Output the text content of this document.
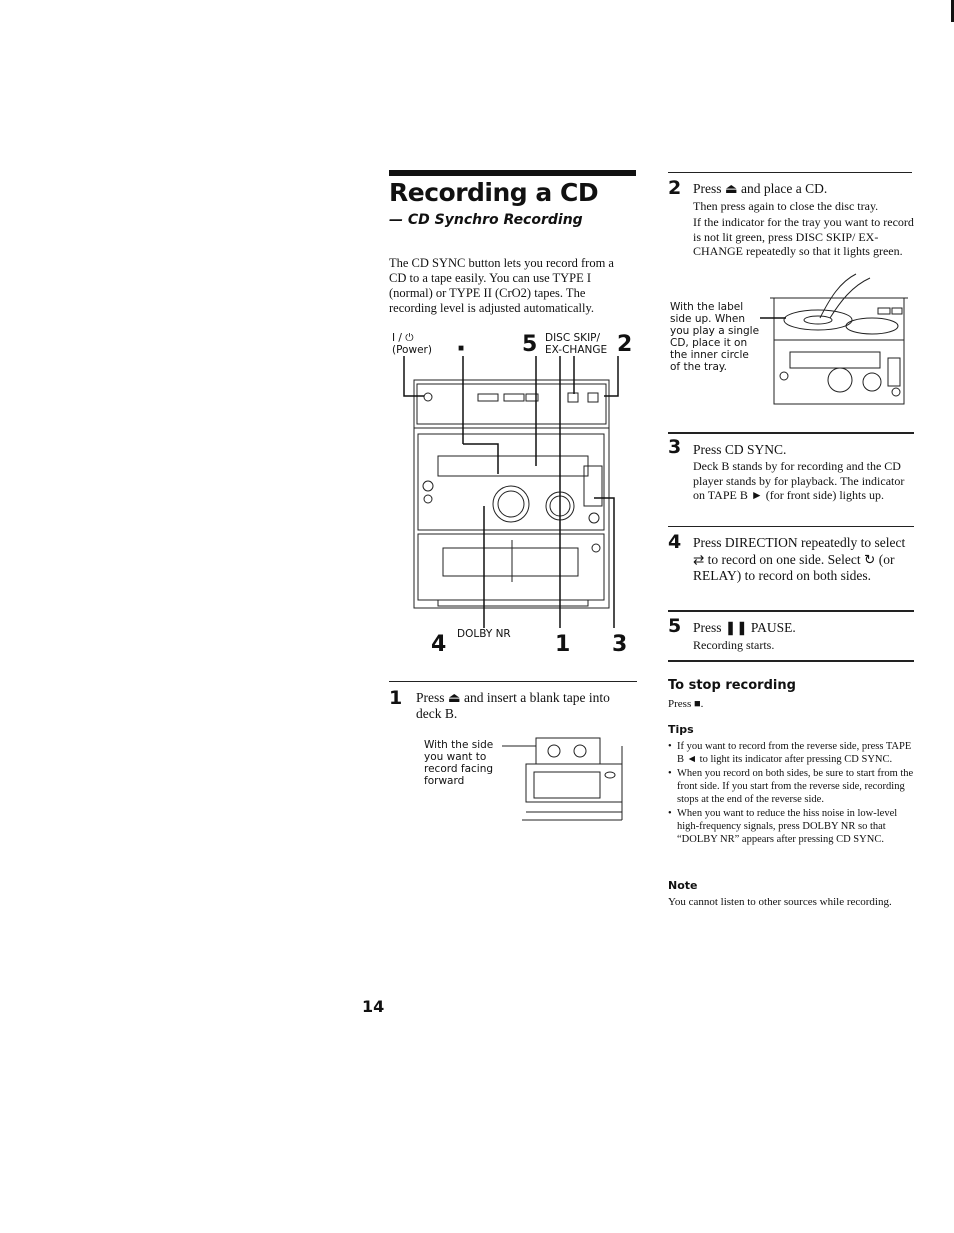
Recording a CD
— CD Synchro Recording
The CD SYNC button lets you record from a CD to a tape easily. You can use TYPE I (normal) or TYPE II (CrO2) tapes. The recording level is adjusted automatically.
I / ⏻
(Power)	■	5 DISC SKIP/
EX-CHANGE 2
4 DOLBY NR 1 3
1 Press ⏏ and insert a blank tape into deck B.
With the side you want to record facing forward
2 Press ⏏ and place a CD.
Then press again to close the disc tray.
If the indicator for the tray you want to record is not lit green, press DISC SKIP/ EX-CHANGE repeatedly so that it lights green.
With the label side up. When you play a single CD, place it on the inner circle of the tray.
3 Press CD SYNC.
Deck B stands by for recording and the CD player stands by for playback. The indicator on TAPE B ► (for front side) lights up.
4 Press DIRECTION repeatedly to select ⇄ to record on one side. Select ↻ (or RELAY) to record on both sides.
5 Press ❚❚ PAUSE.
Recording starts.
To stop recording
Press ■.
Tips
• If you want to record from the reverse side, press TAPE B ◄ to light its indicator after pressing CD SYNC.
• When you record on both sides, be sure to start from the front side. If you start from the reverse side, recording stops at the end of the reverse side.
• When you want to reduce the hiss noise in low-level high-frequency signals, press DOLBY NR so that “DOLBY NR” appears after pressing CD SYNC.
Note
You cannot listen to other sources while recording.
14
